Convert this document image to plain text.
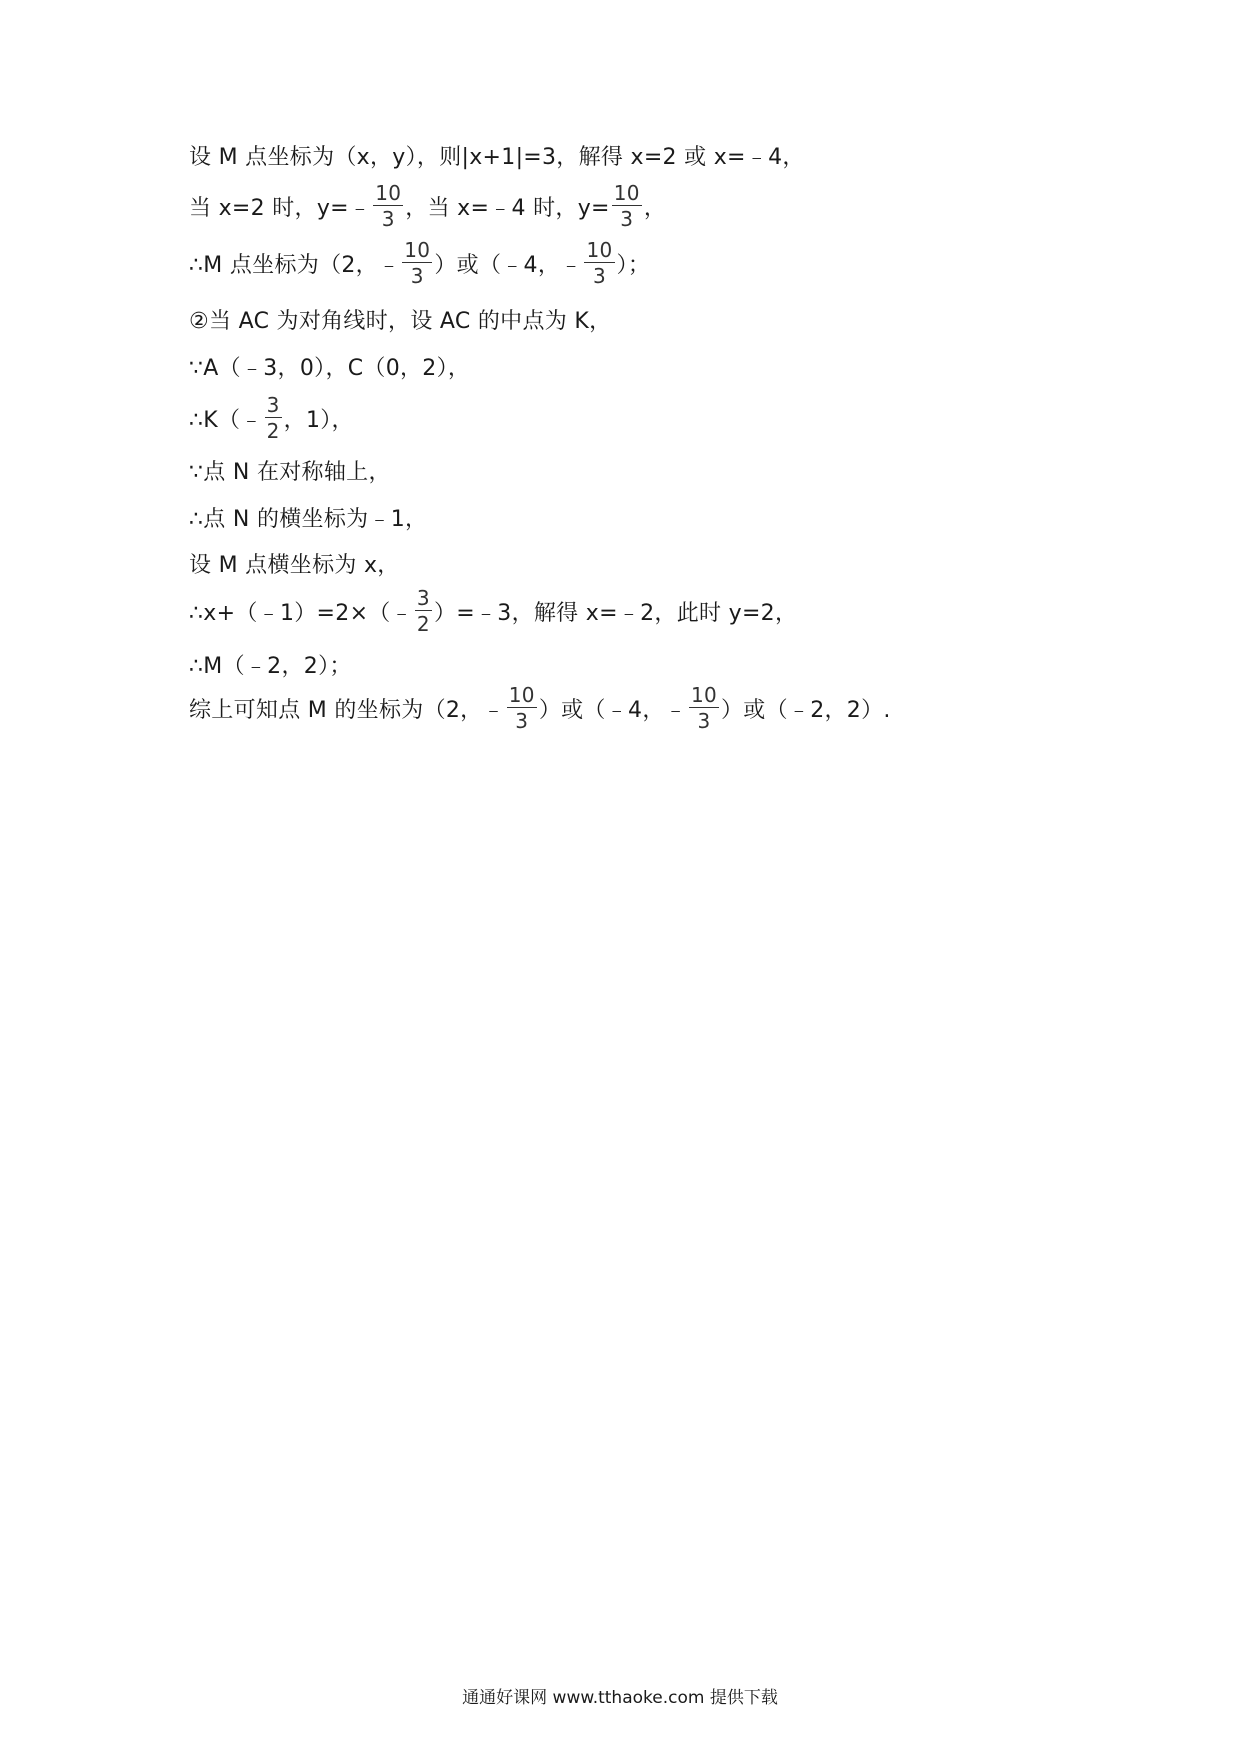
设 M 点坐标为（x，y），则|x+1|=3，解得 x=2 或 x=﹣4，
当 x=2 时，y=﹣ $\frac{10}{3}$ ，当 x=﹣4 时，$y= \frac{10}{3}$ ，
∴M 点坐标为（2，﹣ $\frac{10}{3}$ ）或（﹣4，﹣ $\frac{10}{3}$ ）；
②当 AC 为对角线时，设 AC 的中点为 K，
∵A（﹣3，0），C（0，2），
∴K（﹣ $\frac{3}{2}$ ，1），
∵点 N 在对称轴上，
∴点 N 的横坐标为﹣1，
设 M 点横坐标为 x，
∴x+（﹣1）=2×（﹣ $\frac{3}{2}$ ）=﹣3，解得 x=﹣2，此时 y=2，
∴M（﹣2，2）；
综上可知点 M 的坐标为（2，﹣ $\frac{10}{3}$ ）或（﹣4，﹣ $\frac{10}{3}$ ）或（﹣2，2）.
通通好课网 www.tthaoke.com 提供下载
